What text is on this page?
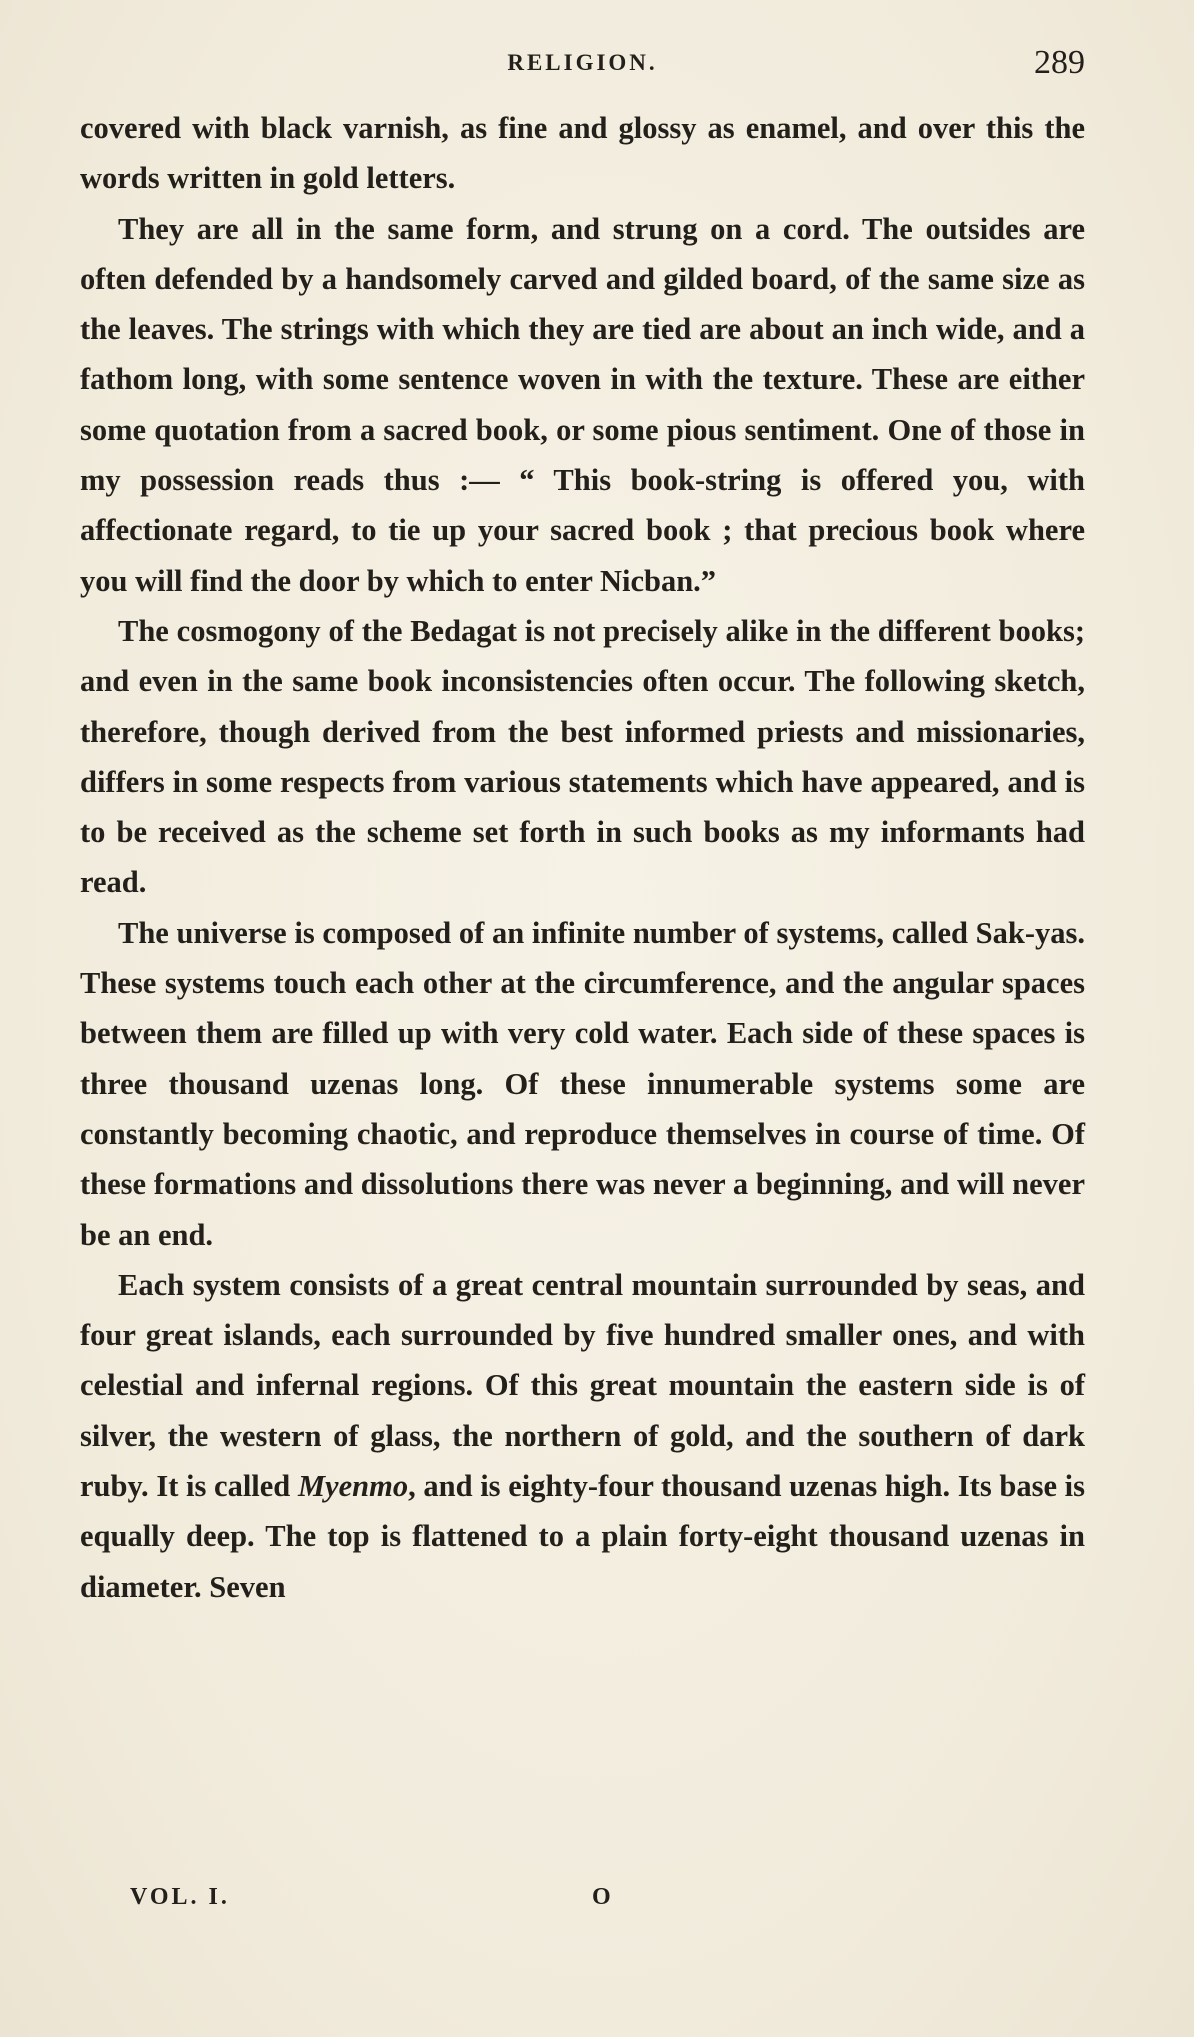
RELIGION.	289

covered with black varnish, as fine and glossy as enamel, and over this the words written in gold letters.

They are all in the same form, and strung on a cord. The outsides are often defended by a handsomely carved and gilded board, of the same size as the leaves. The strings with which they are tied are about an inch wide, and a fathom long, with some sentence woven in with the texture. These are either some quotation from a sacred book, or some pious sentiment. One of those in my possession reads thus :— “ This book-string is offered you, with affectionate regard, to tie up your sacred book ; that precious book where you will find the door by which to enter Nicban.”

The cosmogony of the Bedagat is not precisely alike in the different books; and even in the same book inconsistencies often occur. The following sketch, therefore, though derived from the best informed priests and missionaries, differs in some respects from various statements which have appeared, and is to be received as the scheme set forth in such books as my informants had read.

The universe is composed of an infinite number of systems, called Sak-yas. These systems touch each other at the circumference, and the angular spaces between them are filled up with very cold water. Each side of these spaces is three thousand uzenas long. Of these innumerable systems some are constantly becoming chaotic, and reproduce themselves in course of time. Of these formations and dissolutions there was never a beginning, and will never be an end.

Each system consists of a great central mountain surrounded by seas, and four great islands, each surrounded by five hundred smaller ones, and with celestial and infernal regions. Of this great mountain the eastern side is of silver, the western of glass, the northern of gold, and the southern of dark ruby. It is called Myenmo, and is eighty-four thousand uzenas high. Its base is equally deep. The top is flattened to a plain forty-eight thousand uzenas in diameter. Seven

VOL. I.	O
